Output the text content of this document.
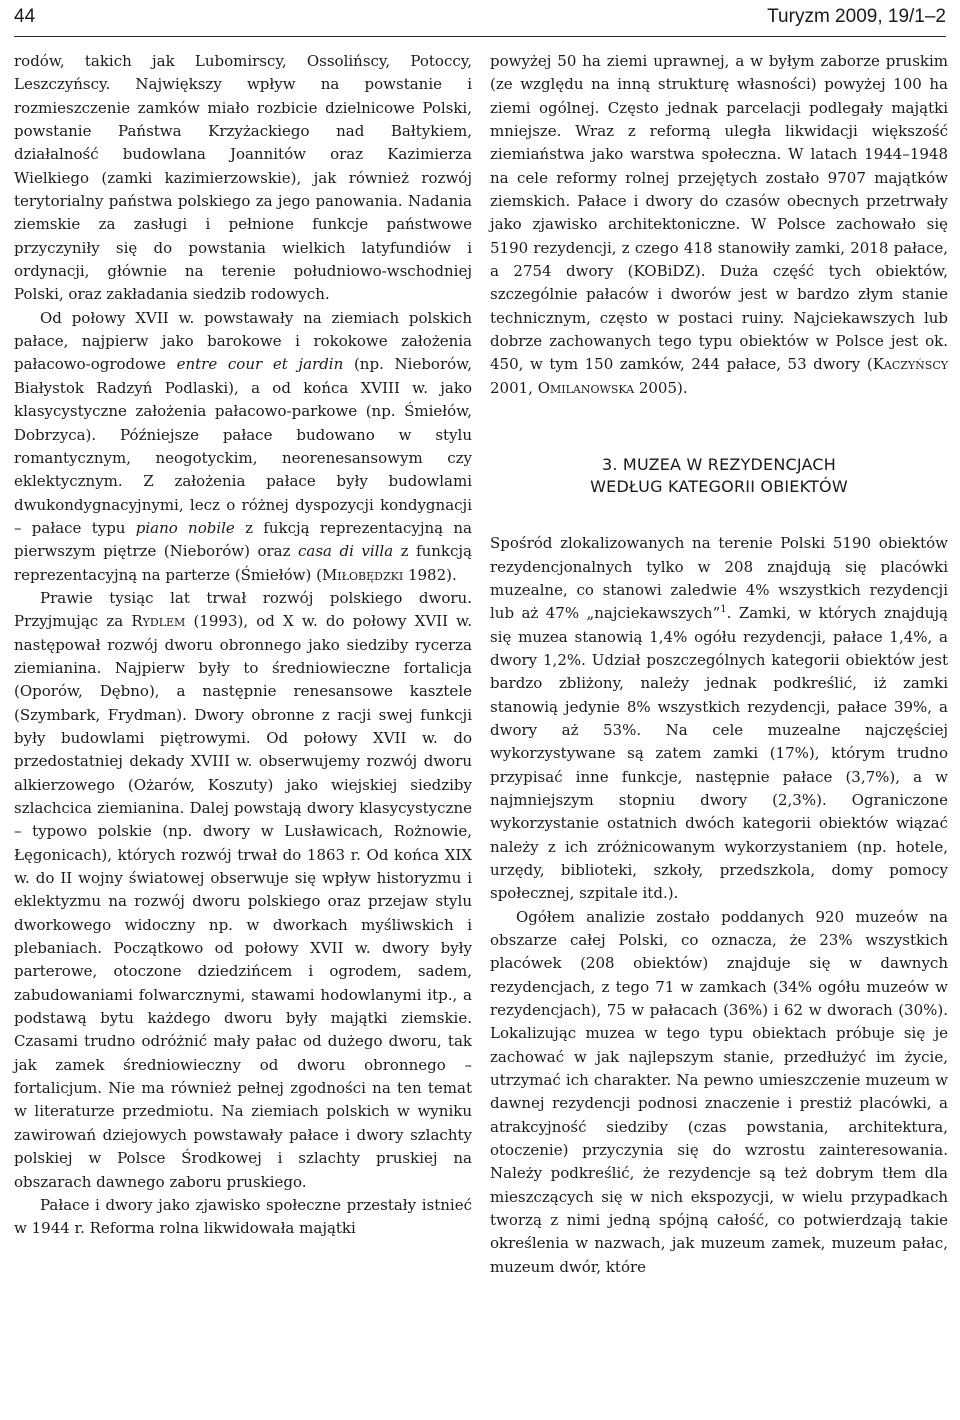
44	Turyzm 2009, 19/1–2

rodów, takich jak Lubomirscy, Ossolińscy, Potoccy, Leszczyńscy. Największy wpływ na powstanie i rozmieszczenie zamków miało rozbicie dzielnicowe Polski, powstanie Państwa Krzyżackiego nad Bałtykiem, działalność budowlana Joannitów oraz Kazimierza Wielkiego (zamki kazimierzowskie), jak również rozwój terytorialny państwa polskiego za jego panowania. Nadania ziemskie za zasługi i pełnione funkcje państwowe przyczyniły się do powstania wielkich latyfundiów i ordynacji, głównie na terenie południowo-wschodniej Polski, oraz zakładania siedzib rodowych.

Od połowy XVII w. powstawały na ziemiach polskich pałace, najpierw jako barokowe i rokokowe założenia pałacowo-ogrodowe entre cour et jardin (np. Nieborów, Białystok Radzyń Podlaski), a od końca XVIII w. jako klasycystyczne założenia pałacowo-parkowe (np. Śmiełów, Dobrzyca). Późniejsze pałace budowano w stylu romantycznym, neogotyckim, neorenesansowym czy eklektycznym. Z założenia pałace były budowlami dwukondygnacyjnymi, lecz o różnej dyspozycji kondygnacji – pałace typu piano nobile z fukcją reprezentacyjną na pierwszym piętrze (Nieborów) oraz casa di villa z funkcją reprezentacyjną na parterze (Śmiełów) (Miłobędzki 1982).

Prawie tysiąc lat trwał rozwój polskiego dworu. Przyjmując za Rydlem (1993), od X w. do połowy XVII w. następował rozwój dworu obronnego jako siedziby rycerza ziemianina. Najpierw były to średniowieczne fortalicja (Oporów, Dębno), a następnie renesansowe kasztele (Szymbark, Frydman). Dwory obronne z racji swej funkcji były budowlami piętrowymi. Od połowy XVII w. do przedostatniej dekady XVIII w. obserwujemy rozwój dworu alkierzowego (Ożarów, Koszuty) jako wiejskiej siedziby szlachcica ziemianina. Dalej powstają dwory klasycystyczne – typowo polskie (np. dwory w Lusławicach, Rożnowie, Łęgonicach), których rozwój trwał do 1863 r. Od końca XIX w. do II wojny światowej obserwuje się wpływ historyzmu i eklektyzmu na rozwój dworu polskiego oraz przejaw stylu dworkowego widoczny np. w dworkach myśliwskich i plebaniach. Początkowo od połowy XVII w. dwory były parterowe, otoczone dziedzińcem i ogrodem, sadem, zabudowaniami folwarcznymi, stawami hodowlanymi itp., a podstawą bytu każdego dworu były majątki ziemskie. Czasami trudno odróżnić mały pałac od dużego dworu, tak jak zamek średniowieczny od dworu obronnego – fortalicjum. Nie ma również pełnej zgodności na ten temat w literaturze przedmiotu. Na ziemiach polskich w wyniku zawirowań dziejowych powstawały pałace i dwory szlachty polskiej w Polsce Środkowej i szlachty pruskiej na obszarach dawnego zaboru pruskiego.

Pałace i dwory jako zjawisko społeczne przestały istnieć w 1944 r. Reforma rolna likwidowała majątki

powyżej 50 ha ziemi uprawnej, a w byłym zaborze pruskim (ze względu na inną strukturę własności) powyżej 100 ha ziemi ogólnej. Często jednak parcelacji podlegały majątki mniejsze. Wraz z reformą uległa likwidacji większość ziemiaństwa jako warstwa społeczna. W latach 1944–1948 na cele reformy rolnej przejętych zostało 9707 majątków ziemskich. Pałace i dwory do czasów obecnych przetrwały jako zjawisko architektoniczne. W Polsce zachowało się 5190 rezydencji, z czego 418 stanowiły zamki, 2018 pałace, a 2754 dwory (KOBiDZ). Duża część tych obiektów, szczególnie pałaców i dworów jest w bardzo złym stanie technicznym, często w postaci ruiny. Najciekawszych lub dobrze zachowanych tego typu obiektów w Polsce jest ok. 450, w tym 150 zamków, 244 pałace, 53 dwory (Kaczyńscy 2001, Omilanowska 2005).

3. MUZEA W REZYDENCJACH
WEDŁUG KATEGORII OBIEKTÓW

Spośród zlokalizowanych na terenie Polski 5190 obiektów rezydencjonalnych tylko w 208 znajdują się placówki muzealne, co stanowi zaledwie 4% wszystkich rezydencji lub aż 47% „najciekawszych”$^1$. Zamki, w których znajdują się muzea stanowią 1,4% ogółu rezydencji, pałace 1,4%, a dwory 1,2%. Udział poszczególnych kategorii obiektów jest bardzo zbliżony, należy jednak podkreślić, iż zamki stanowią jedynie 8% wszystkich rezydencji, pałace 39%, a dwory aż 53%. Na cele muzealne najczęściej wykorzystywane są zatem zamki (17%), którym trudno przypisać inne funkcje, następnie pałace (3,7%), a w najmniejszym stopniu dwory (2,3%). Ograniczone wykorzystanie ostatnich dwóch kategorii obiektów wiązać należy z ich zróżnicowanym wykorzystaniem (np. hotele, urzędy, biblioteki, szkoły, przedszkola, domy pomocy społecznej, szpitale itd.).

Ogółem analizie zostało poddanych 920 muzeów na obszarze całej Polski, co oznacza, że 23% wszystkich placówek (208 obiektów) znajduje się w dawnych rezydencjach, z tego 71 w zamkach (34% ogółu muzeów w rezydencjach), 75 w pałacach (36%) i 62 w dworach (30%). Lokalizując muzea w tego typu obiektach próbuje się je zachować w jak najlepszym stanie, przedłużyć im życie, utrzymać ich charakter. Na pewno umieszczenie muzeum w dawnej rezydencji podnosi znaczenie i prestiż placówki, a atrakcyjność siedziby (czas powstania, architektura, otoczenie) przyczynia się do wzrostu zainteresowania. Należy podkreślić, że rezydencje są też dobrym tłem dla mieszczących się w nich ekspozycji, w wielu przypadkach tworzą z nimi jedną spójną całość, co potwierdzają takie określenia w nazwach, jak muzeum zamek, muzeum pałac, muzeum dwór, które
